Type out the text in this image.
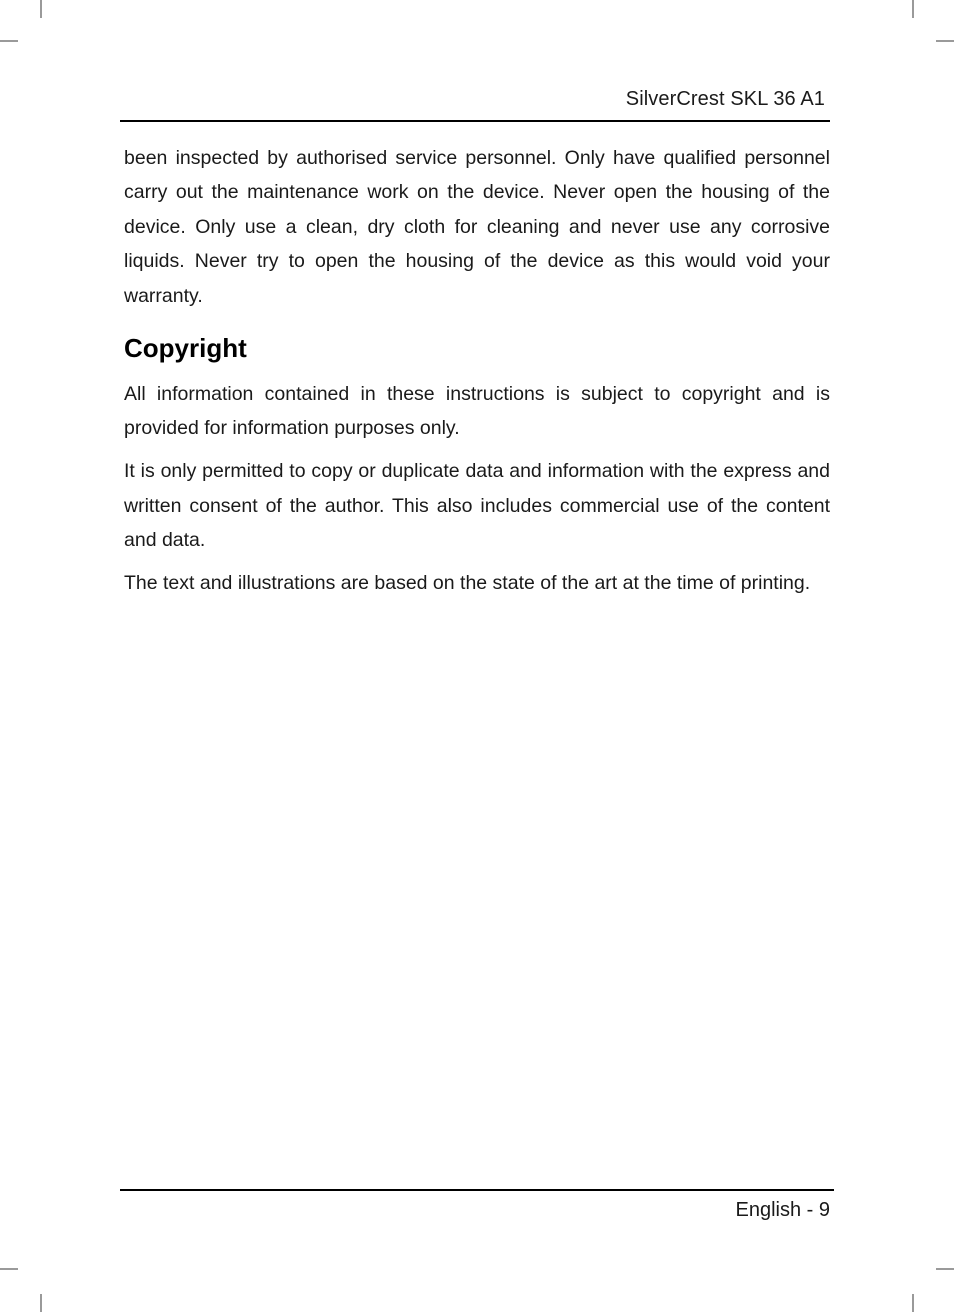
SilverCrest SKL 36 A1

been inspected by authorised service personnel. Only have qualified personnel carry out the maintenance work on the device. Never open the housing of the device. Only use a clean, dry cloth for cleaning and never use any corrosive liquids. Never try to open the housing of the device as this would void your warranty.

Copyright

All information contained in these instructions is subject to copyright and is provided for information purposes only.

It is only permitted to copy or duplicate data and information with the express and written consent of the author. This also includes commercial use of the content and data.

The text and illustrations are based on the state of the art at the time of printing.

English - 9
